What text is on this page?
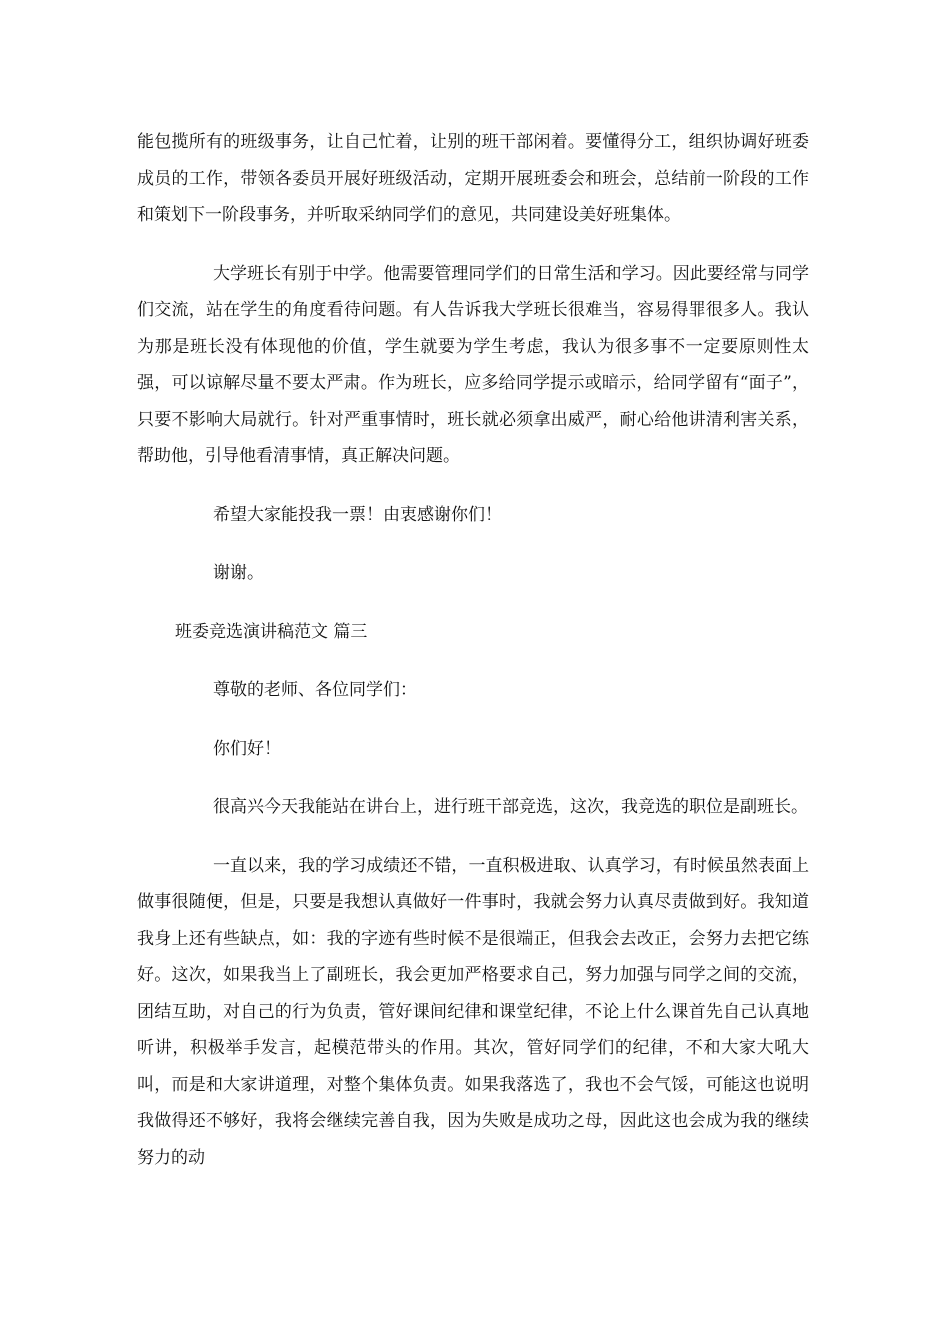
能包揽所有的班级事务，让自己忙着，让别的班干部闲着。要懂得分工，组织协调好班委成员的工作，带领各委员开展好班级活动，定期开展班委会和班会，总结前一阶段的工作和策划下一阶段事务，并听取采纳同学们的意见，共同建设美好班集体。

大学班长有别于中学。他需要管理同学们的日常生活和学习。因此要经常与同学们交流，站在学生的角度看待问题。有人告诉我大学班长很难当，容易得罪很多人。我认为那是班长没有体现他的价值，学生就要为学生考虑，我认为很多事不一定要原则性太强，可以谅解尽量不要太严肃。作为班长，应多给同学提示或暗示，给同学留有“面子”，只要不影响大局就行。针对严重事情时，班长就必须拿出威严，耐心给他讲清利害关系，帮助他，引导他看清事情，真正解决问题。

希望大家能投我一票！由衷感谢你们！

谢谢。

班委竞选演讲稿范文 篇三

尊敬的老师、各位同学们：

你们好！

很高兴今天我能站在讲台上，进行班干部竞选，这次，我竞选的职位是副班长。

一直以来，我的学习成绩还不错，一直积极进取、认真学习，有时候虽然表面上做事很随便，但是，只要是我想认真做好一件事时，我就会努力认真尽责做到好。我知道我身上还有些缺点，如：我的字迹有些时候不是很端正，但我会去改正，会努力去把它练好。这次，如果我当上了副班长，我会更加严格要求自己，努力加强与同学之间的交流，团结互助，对自己的行为负责，管好课间纪律和课堂纪律，不论上什么课首先自己认真地听讲，积极举手发言，起模范带头的作用。其次，管好同学们的纪律，不和大家大吼大叫，而是和大家讲道理，对整个集体负责。如果我落选了，我也不会气馁，可能这也说明我做得还不够好，我将会继续完善自我，因为失败是成功之母，因此这也会成为我的继续努力的动
